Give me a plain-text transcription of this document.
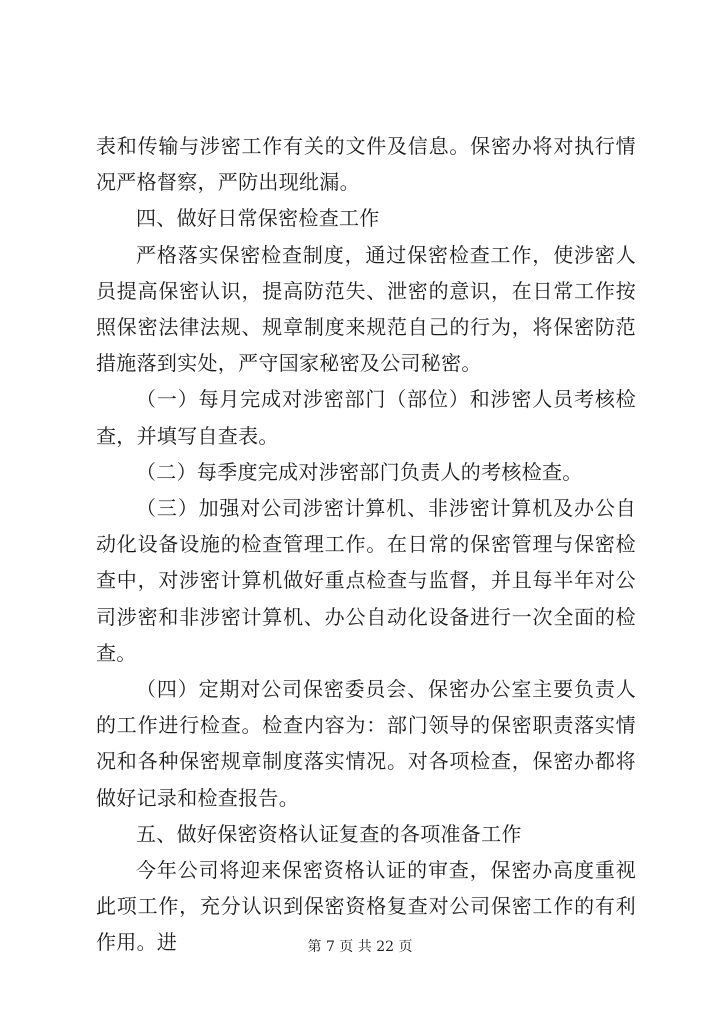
表和传输与涉密工作有关的文件及信息。保密办将对执行情况严格督察，严防出现纰漏。

四、做好日常保密检查工作

严格落实保密检查制度，通过保密检查工作，使涉密人员提高保密认识，提高防范失、泄密的意识，在日常工作按照保密法律法规、规章制度来规范自己的行为，将保密防范措施落到实处，严守国家秘密及公司秘密。

（一）每月完成对涉密部门（部位）和涉密人员考核检查，并填写自查表。

（二）每季度完成对涉密部门负责人的考核检查。

（三）加强对公司涉密计算机、非涉密计算机及办公自动化设备设施的检查管理工作。在日常的保密管理与保密检查中，对涉密计算机做好重点检查与监督，并且每半年对公司涉密和非涉密计算机、办公自动化设备进行一次全面的检查。

（四）定期对公司保密委员会、保密办公室主要负责人的工作进行检查。检查内容为：部门领导的保密职责落实情况和各种保密规章制度落实情况。对各项检查，保密办都将做好记录和检查报告。

五、做好保密资格认证复查的各项准备工作

今年公司将迎来保密资格认证的审查，保密办高度重视此项工作，充分认识到保密资格复查对公司保密工作的有利作用。进	第 7 页 共 22 页
